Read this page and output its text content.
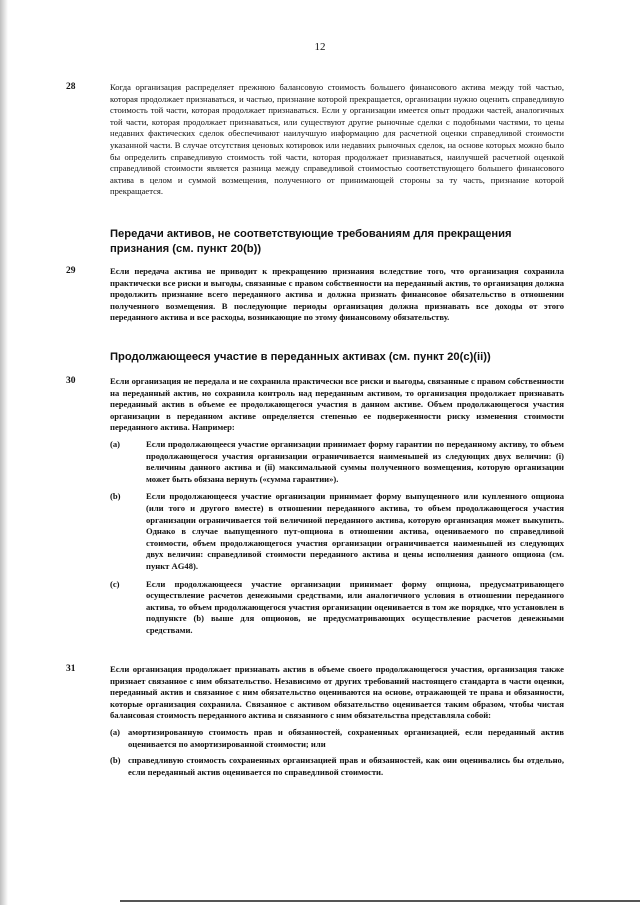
12
28	Когда организация распределяет прежнюю балансовую стоимость большего финансового актива между той частью, которая продолжает признаваться, и частью, признание которой прекращается, организации нужно оценить справедливую стоимость той части, которая продолжает признаваться. Если у организации имеется опыт продажи частей, аналогичных той части, которая продолжает признаваться, или существуют другие рыночные сделки с подобными частями, то цены недавних фактических сделок обеспечивают наилучшую информацию для расчетной оценки справедливой стоимости указанной части. В случае отсутствия ценовых котировок или недавних рыночных сделок, на основе которых можно было бы определить справедливую стоимость той части, которая продолжает признаваться, наилучшей расчетной оценкой справедливой стоимости является разница между справедливой стоимостью соответствующего большего финансового актива в целом и суммой возмещения, полученного от принимающей стороны за ту часть, признание которой прекращается.
Передачи активов, не соответствующие требованиям для прекращения признания (см. пункт 20(b))
29	Если передача актива не приводит к прекращению признания вследствие того, что организация сохранила практически все риски и выгоды, связанные с правом собственности на переданный актив, то организация должна продолжить признание всего переданного актива и должна признать финансовое обязательство в отношении полученного возмещения. В последующие периоды организация должна признавать все доходы от этого переданного актива и все расходы, возникающие по этому финансовому обязательству.
Продолжающееся участие в переданных активах (см. пункт 20(c)(ii))
30	Если организация не передала и не сохранила практически все риски и выгоды, связанные с правом собственности на переданный актив, но сохранила контроль над переданным активом, то организация продолжает признавать переданный актив в объеме ее продолжающегося участия в данном активе. Объем продолжающегося участия организации в переданном активе определяется степенью ее подверженности риску изменения стоимости переданного актива. Например:
(a)	Если продолжающееся участие организации принимает форму гарантии по переданному активу, то объем продолжающегося участия организации ограничивается наименьшей из следующих двух величин: (i) величины данного актива и (ii) максимальной суммы полученного возмещения, которую организации может быть обязана вернуть («сумма гарантии»).
(b)	Если продолжающееся участие организации принимает форму выпущенного или купленного опциона (или того и другого вместе) в отношении переданного актива, то объем продолжающегося участия организации ограничивается той величиной переданного актива, которую организация может выкупить. Однако в случае выпущенного пут-опциона в отношении актива, оцениваемого по справедливой стоимости, объем продолжающегося участия организации ограничивается наименьшей из следующих двух величин: справедливой стоимости переданного актива и цены исполнения данного опциона (см. пункт AG48).
(c)	Если продолжающееся участие организации принимает форму опциона, предусматривающего осуществление расчетов денежными средствами, или аналогичного условия в отношении переданного актива, то объем продолжающегося участия организации оценивается в том же порядке, что установлен в подпункте (b) выше для опционов, не предусматривающих осуществление расчетов денежными средствами.
31	Если организация продолжает признавать актив в объеме своего продолжающегося участия, организация также признает связанное с ним обязательство. Независимо от других требований настоящего стандарта в части оценки, переданный актив и связанное с ним обязательство оцениваются на основе, отражающей те права и обязанности, которые организация сохранила. Связанное с активом обязательство оценивается таким образом, чтобы чистая балансовая стоимость переданного актива и связанного с ним обязательства представляла собой:
(a) амортизированную стоимость прав и обязанностей, сохраненных организацией, если переданный актив оценивается по амортизированной стоимости; или
(b) справедливую стоимость сохраненных организацией прав и обязанностей, как они оценивались бы отдельно, если переданный актив оценивается по справедливой стоимости.
